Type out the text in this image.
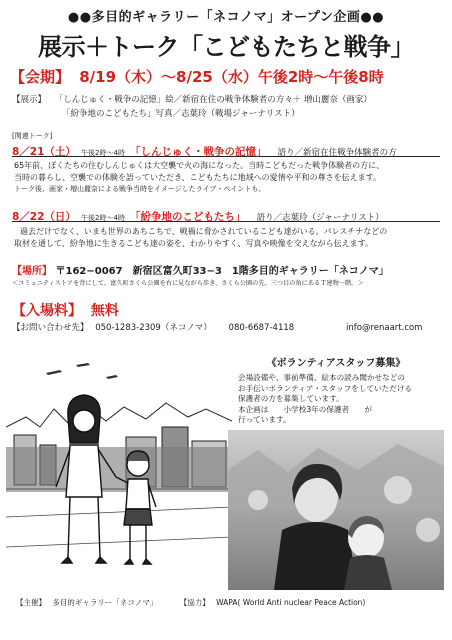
●●多目的ギャラリー「ネコノマ」オープン企画●●
展示＋トーク「こどもたちと戦争」
【会期】 8/19（木）〜8/25（水）午後2時〜午後8時
【展示】 「しんじゅく・戦争の記憶」絵／新宿在住の戦争体験者の方々＋ 増山麗奈（画家）
「紛争地のこどもたち」写真／志葉玲（戦場ジャーナリスト）
[関連トーク]
8／21（土） 午後2時〜4時 「しんじゅく・戦争の記憶」 語り／新宿在住戦争体験者の方
65年前、ぼくたちの住むしんじゅくは大空襲で火の海になった。当時こどもだった戦争体験者の方に、
当時の暮らし、空襲での体験を語っていただき、こどもたちに地域への愛情や平和の尊さを伝えます。
トーク後、画家・増山麗奈による戦争当時をイメージしたライブ・ペイントも。
8／22（日） 午後2時〜4時 「紛争地のこどもたち」 語り／志葉玲（ジャーナリスト）
過去だけでなく、いまも世界のあちこちで、戦禍に脅かされているこども達がいる。パレスチナなどの
取材を通して、紛争地に生きるこども達の姿を、わかりやすく、写真や映像を交えながら伝えます。
【場所】 〒162−0067　新宿区富久町33−3　1階多目的ギャラリー「ネコノマ」
＜コミュニティストアを背にして、富久町さくら公園を右に見ながら歩き、さくら公園の先、三つ目の角にあるＴ建物一階。＞
【入場料】 無料
【お問い合わせ先】 050-1283-2309（ネコノマ） 080-6687-4118	info@renaart.com
《ボランティアスタッフ募集》
会場設備や、事前準備、絵本の読み聞かせなどの
お手伝いボランティア・スタッフをしていただける
保護者の方を募集しています。
本企画は　　小学校3年の保護者　　が
行っています。
【主催】 多目的ギャラリー「ネコノマ」	【協力】 WAPA( World Anti nuclear Peace Action)
